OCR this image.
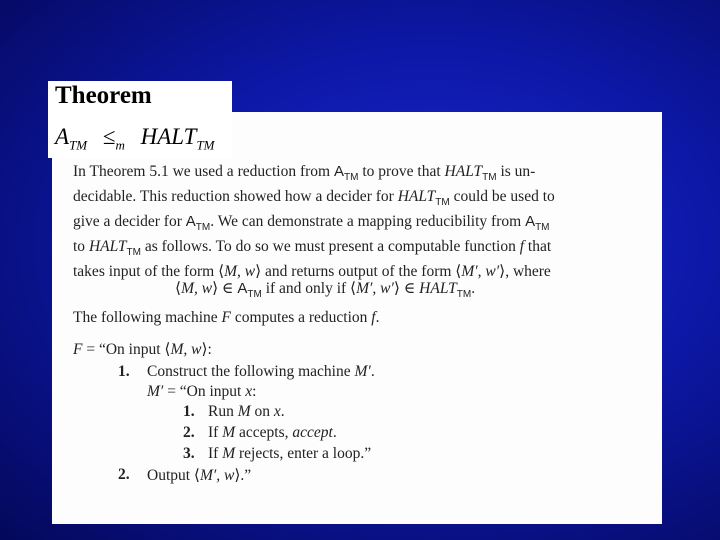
Theorem
$A_{TM} \le_m$ $HALT_{TM}$
In Theorem 5.1 we used a reduction from $A_{TM}$ to prove that $HALT_{TM}$ is un-
decidable. This reduction showed how a decider for $HALT_{TM}$ could be used to
give a decider for $A_{TM}$. We can demonstrate a mapping reducibility from $A_{TM}$
to $HALT_{TM}$ as follows. To do so we must present a computable function f that
takes input of the form ⟨M, w⟩ and returns output of the form ⟨M′, w′⟩, where
⟨M, w⟩ ∈ $A_{TM}$ if and only if ⟨M′, w′⟩ ∈ $HALT_{TM}$.
The following machine F computes a reduction f.
F = “On input ⟨M, w⟩:
1. Construct the following machine M′.
M′ = “On input x:
1. Run M on x.
2. If M accepts, accept.
3. If M rejects, enter a loop.”
2. Output ⟨M′, w⟩.”
